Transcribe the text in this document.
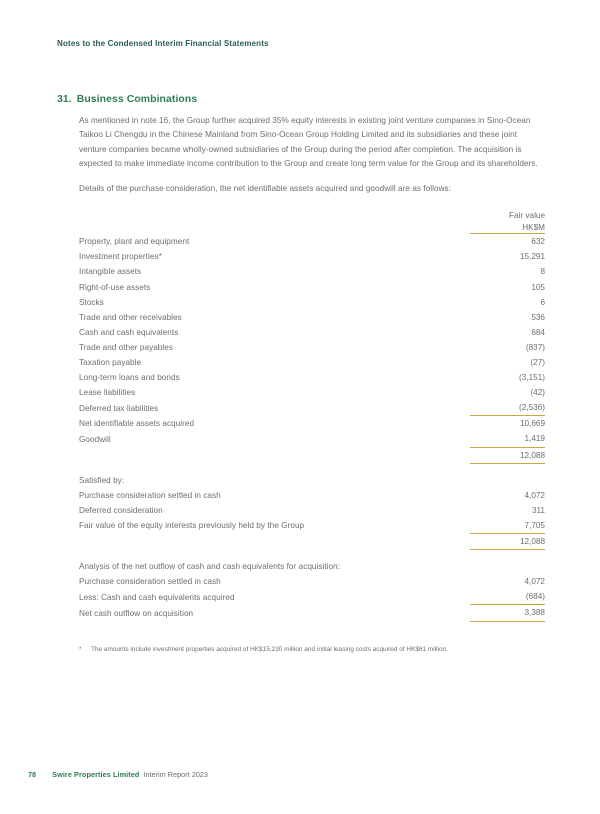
Notes to the Condensed Interim Financial Statements
31. Business Combinations

As mentioned in note 16, the Group further acquired 35% equity interests in existing joint venture companies in Sino-Ocean Taikoo Li Chengdu in the Chinese Mainland from Sino-Ocean Group Holding Limited and its subsidiaries and these joint venture companies became wholly-owned subsidiaries of the Group during the period after completion. The acquisition is expected to make immediate income contribution to the Group and create long term value for the Group and its shareholders.

Details of the purchase consideration, the net identifiable assets acquired and goodwill are as follows:

	Fair value
HK$M

Property, plant and equipment	632
Investment properties*	15,291
Intangible assets	8
Right-of-use assets	105
Stocks	6
Trade and other receivables	536
Cash and cash equivalents	684
Trade and other payables	(837)
Taxation payable	(27)
Long-term loans and bonds	(3,151)
Lease liabilities	(42)
Deferred tax liabilities	(2,536)
Net identifiable assets acquired	10,669
Goodwill	1,419
	12,088

Satisfied by:	
Purchase consideration settled in cash	4,072
Deferred consideration	311
Fair value of the equity interests previously held by the Group	7,705
	12,088

Analysis of the net outflow of cash and cash equivalents for acquisition:	
Purchase consideration settled in cash	4,072
Less: Cash and cash equivalents acquired	(684)
Net cash outflow on acquisition	3,388
* The amounts include investment properties acquired of HK$15,230 million and initial leasing costs acquired of HK$61 million.
78 Swire Properties Limited Interim Report 2023
